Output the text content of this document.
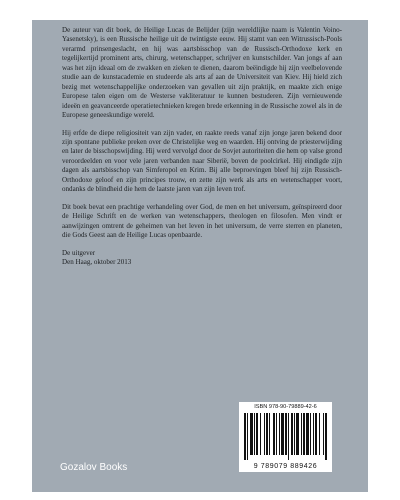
De auteur van dit boek, de Heilige Lucas de Belijder (zijn wereldlijke naam is Valentin Voino-Yasenetsky), is een Russische heilige uit de twintigste eeuw. Hij stamt van een Witrussisch-Pools verarmd prinsengeslacht, en hij was aartsbisschop van de Russisch-Orthodoxe kerk en tegelijkertijd prominent arts, chirurg, wetenschapper, schrijver en kunstschilder. Van jongs af aan was het zijn ideaal om de zwakken en zieken te dienen, daarom beëindigde hij zijn veelbelovende studie aan de kunstacademie en studeerde als arts af aan de Universiteit van Kiev. Hij hield zich bezig met wetenschappelijke onderzoeken van gevallen uit zijn praktijk, en maakte zich enige Europese talen eigen om de Westerse vakliteratuur te kunnen bestuderen. Zijn vernieuwende ideeën en geavanceerde operatietechnieken kregen brede erkenning in de Russische zowel als in de Europese geneeskundige wereld.

Hij erfde de diepe religiositeit van zijn vader, en raakte reeds vanaf zijn jonge jaren bekend door zijn spontane publieke preken over de Christelijke weg en waarden. Hij ontving de priesterwijding en later de bisschopswijding. Hij werd vervolgd door de Sovjet autoriteiten die hem op valse grond veroordeelden en voor vele jaren verbanden naar Siberië, boven de poolcirkel. Hij eindigde zijn dagen als aartsbisschop van Simferopol en Krim. Bij alle beproevingen bleef hij zijn Russisch-Orthodoxe geloof en zijn principes trouw, en zette zijn werk als arts en wetenschapper voort, ondanks de blindheid die hem de laatste jaren van zijn leven trof.

Dit boek bevat een prachtige verhandeling over God, de men en het universum, geïnspireerd door de Heilige Schrift en de werken van wetenschappers, theologen en filosofen. Men vindt er aanwijzingen omtrent de geheimen van het leven in het universum, de verre sterren en planeten, die Gods Geest aan de Heilige Lucas openbaarde.

De uitgever

Den Haag, oktober 2013

ISBN 978-90-79889-42-6
9 789079 889426
Gozalov Books
